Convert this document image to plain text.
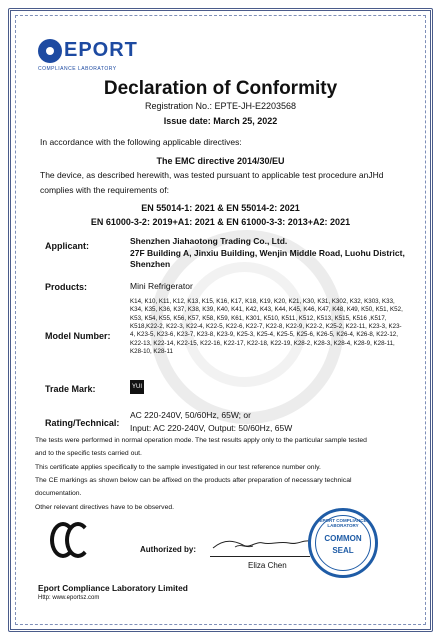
EPORT
COMPLIANCE LABORATORY
Declaration of Conformity
Registration No.: EPTE-JH-E2203568
Issue date: March 25, 2022
In accordance with the following applicable directives:
The EMC directive 2014/30/EU
The device, as described herewith, was tested pursuant to applicable test procedure anJHd
complies with the requirements of:
EN 55014-1: 2021 & EN 55014-2: 2021
EN 61000-3-2: 2019+A1: 2021 & EN 61000-3-3: 2013+A2: 2021
Applicant:	Shenzhen Jiahaotong Trading Co., Ltd.
27F Building A, Jinxiu Building, Wenjin Middle Road, Luohu District, Shenzhen
Products:	Mini Refrigerator
Model Number:
K14, K10, K11, K12, K13, K15, K16, K17, K18, K19, K20, K21, K30, K31, K302, K32, K303, K33, K34, K35, K36, K37, K38, K39, K40, K41, K42, K43, K44, K45, K46, K47, K48, K49, K50, K51, K52, K53, K54, K55, K56, K57, K58, K59, K61, K301, K510, K511, K512, K513, K515, K516 ,K517, K518,K22-2, K22-3, K22-4, K22-5, K22-6, K22-7, K22-8, K22-9, K22-2, K25-2, K22-11, K23-3, K23-4, K23-5, K23-6, K23-7, K23-8, K23-9, K25-3, K25-4, K25-5, K25-6, K26-5, K26-4, K26-8, K22-12, K22-13, K22-14, K22-15, K22-16, K22-17, K22-18, K22-19, K28-2, K28-3, K28-4, K28-9, K28-11, K28-10, K28-11
Trade Mark:	YUI
Rating/Technical:
AC 220-240V, 50/60Hz, 65W; or
Input: AC 220-240V, Output: 50/60Hz, 65W
The tests were performed in normal operation mode. The test results apply only to the particular sample tested
and to the specific tests carried out.
This certificate applies specifically to the sample investigated in our test reference number only.
The CE markings as shown below can be affixed on the products after preparation of necessary technical
documentation.
Other relevant directives have to be observed.
Authorized by:
Eliza Chen
EPORT COMPLIANCE LABORATORY
COMMON
SEAL
Eport Compliance Laboratory Limited
Http: www.eportsz.com
